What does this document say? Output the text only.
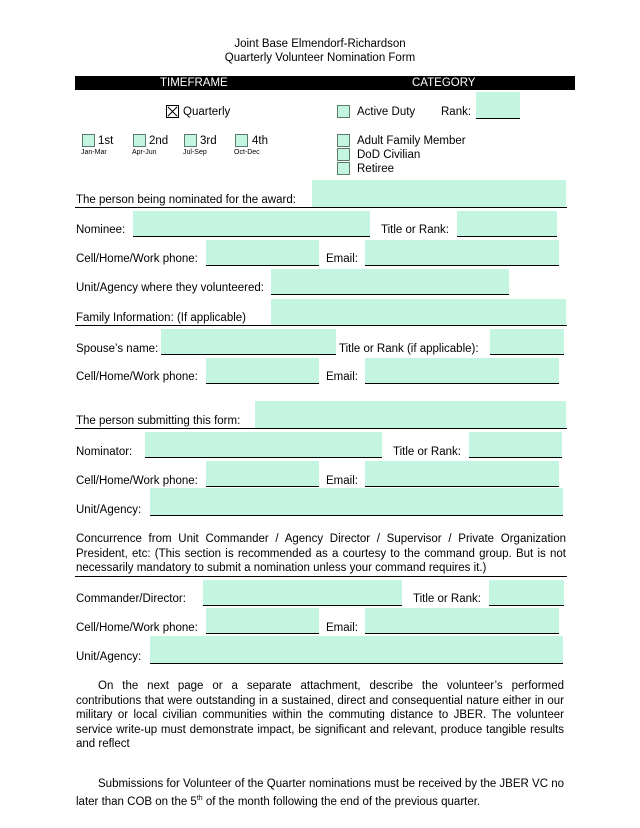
Joint Base Elmendorf-Richardson
Quarterly Volunteer Nomination Form
TIMEFRAME	CATEGORY
Quarterly
1st
Jan-Mar
2nd
Apr-Jun
3rd
Jul-Sep
4th
Oct-Dec
Active Duty Rank:
Adult Family Member
DoD Civilian
Retiree
The person being nominated for the award:
Nominee:	Title or Rank:
Cell/Home/Work phone:	Email:
Unit/Agency where they volunteered:
Family Information: (If applicable)
Spouse’s name:	Title or Rank (if applicable):
Cell/Home/Work phone:	Email:
The person submitting this form:
Nominator:	Title or Rank:
Cell/Home/Work phone:	Email:
Unit/Agency:
Concurrence from Unit Commander / Agency Director / Supervisor / Private Organization President, etc: (This section is recommended as a courtesy to the command group. But is not necessarily mandatory to submit a nomination unless your command requires it.)
Commander/Director:	Title or Rank:
Cell/Home/Work phone:	Email:
Unit/Agency:

On the next page or a separate attachment, describe the volunteer’s performed contributions that were outstanding in a sustained, direct and consequential nature either in our military or local civilian communities within the commuting distance to JBER. The volunteer service write-up must demonstrate impact, be significant and relevant, produce tangible results and reflect

Submissions for Volunteer of the Quarter nominations must be received by the JBER VC no later than COB on the 5th of the month following the end of the previous quarter.
